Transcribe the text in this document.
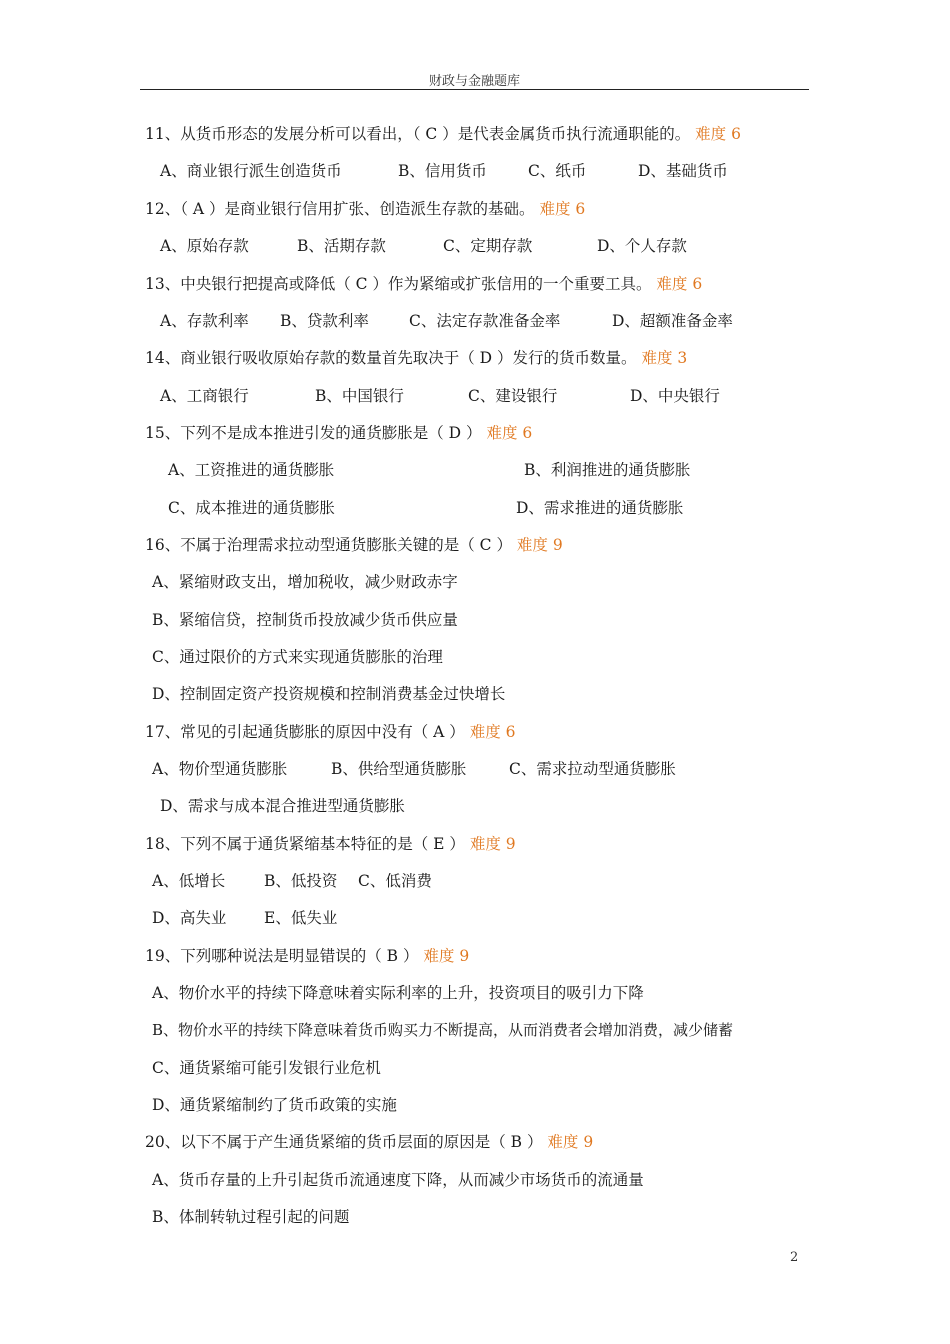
财政与金融题库
11、从货币形态的发展分析可以看出，（ C ）是代表金属货币执行流通职能的。 难度 6
A、商业银行派生创造货币	B、信用货币	C、纸币	D、基础货币
12、（ A ）是商业银行信用扩张、创造派生存款的基础。 难度 6
A、原始存款	B、活期存款	C、定期存款	D、个人存款
13、中央银行把提高或降低（ C ）作为紧缩或扩张信用的一个重要工具。 难度 6
A、存款利率 B、贷款利率	C、法定存款准备金率	D、超额准备金率
14、商业银行吸收原始存款的数量首先取决于（ D ）发行的货币数量。 难度 3
A、工商银行	B、中国银行	C、建设银行	D、中央银行
15、下列不是成本推进引发的通货膨胀是（ D ） 难度 6
A、工资推进的通货膨胀	B、利润推进的通货膨胀
C、成本推进的通货膨胀	D、需求推进的通货膨胀
16、不属于治理需求拉动型通货膨胀关键的是（ C ） 难度 9
A、紧缩财政支出，增加税收，减少财政赤字
B、紧缩信贷，控制货币投放减少货币供应量
C、通过限价的方式来实现通货膨胀的治理
D、控制固定资产投资规模和控制消费基金过快增长
17、常见的引起通货膨胀的原因中没有（ A ） 难度 6
A、物价型通货膨胀	B、供给型通货膨胀	C、需求拉动型通货膨胀
D、需求与成本混合推进型通货膨胀
18、下列不属于通货紧缩基本特征的是（ E ） 难度 9
A、低增长	B、低投资 C、低消费
D、高失业 E、低失业
19、下列哪种说法是明显错误的（ B ） 难度 9
A、物价水平的持续下降意味着实际利率的上升，投资项目的吸引力下降
B、物价水平的持续下降意味着货币购买力不断提高，从而消费者会增加消费，减少储蓄
C、通货紧缩可能引发银行业危机
D、通货紧缩制约了货币政策的实施
20、以下不属于产生通货紧缩的货币层面的原因是（ B ） 难度 9
A、货币存量的上升引起货币流通速度下降，从而减少市场货币的流通量
B、体制转轨过程引起的问题
2
